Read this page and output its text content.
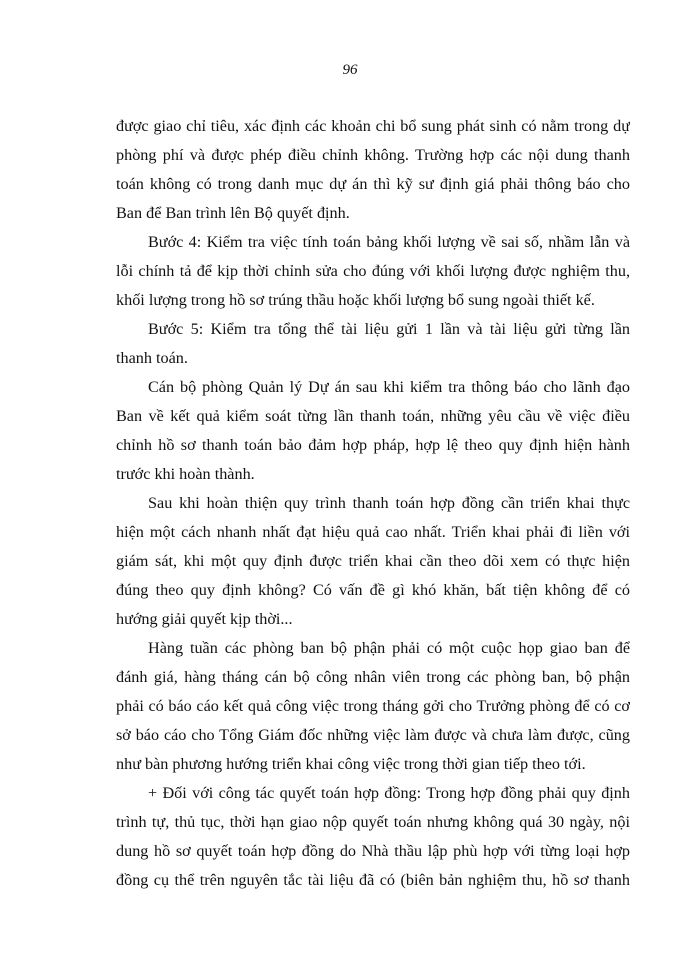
96
được giao chỉ tiêu, xác định các khoản chi bổ sung phát sinh có nằm trong dự
phòng phí và được phép điều chỉnh không. Trường hợp các nội dung thanh
toán không có trong danh mục dự án thì kỹ sư định giá phải thông báo cho
Ban để Ban trình lên Bộ quyết định.
Bước 4: Kiểm tra việc tính toán bảng khối lượng về sai số, nhầm lẫn và
lỗi chính tả để kịp thời chỉnh sửa cho đúng với khối lượng được nghiệm thu,
khối lượng trong hồ sơ trúng thầu hoặc khối lượng bổ sung ngoài thiết kế.
Bước 5: Kiểm tra tổng thể tài liệu gửi 1 lần và tài liệu gửi từng lần
thanh toán.
Cán bộ phòng Quản lý Dự án sau khi kiểm tra thông báo cho lãnh đạo
Ban về kết quả kiểm soát từng lần thanh toán, những yêu cầu về việc điều
chỉnh hồ sơ thanh toán bảo đảm hợp pháp, hợp lệ theo quy định hiện hành
trước khi hoàn thành.
Sau khi hoàn thiện quy trình thanh toán hợp đồng cần triển khai thực
hiện một cách nhanh nhất đạt hiệu quả cao nhất. Triển khai phải đi liền với
giám sát, khi một quy định được triển khai cần theo dõi xem có thực hiện
đúng theo quy định không? Có vấn đề gì khó khăn, bất tiện không để có
hướng giải quyết kịp thời...
Hàng tuần các phòng ban bộ phận phải có một cuộc họp giao ban để
đánh giá, hàng tháng cán bộ công nhân viên trong các phòng ban, bộ phận
phải có báo cáo kết quả công việc trong tháng gởi cho Trưởng phòng để có cơ
sở báo cáo cho Tổng Giám đốc những việc làm được và chưa làm được, cũng
như bàn phương hướng triển khai công việc trong thời gian tiếp theo tới.
+ Đối với công tác quyết toán hợp đồng: Trong hợp đồng phải quy định
trình tự, thủ tục, thời hạn giao nộp quyết toán nhưng không quá 30 ngày, nội
dung hồ sơ quyết toán hợp đồng do Nhà thầu lập phù hợp với từng loại hợp
đồng cụ thể trên nguyên tắc tài liệu đã có (biên bản nghiệm thu, hồ sơ thanh
